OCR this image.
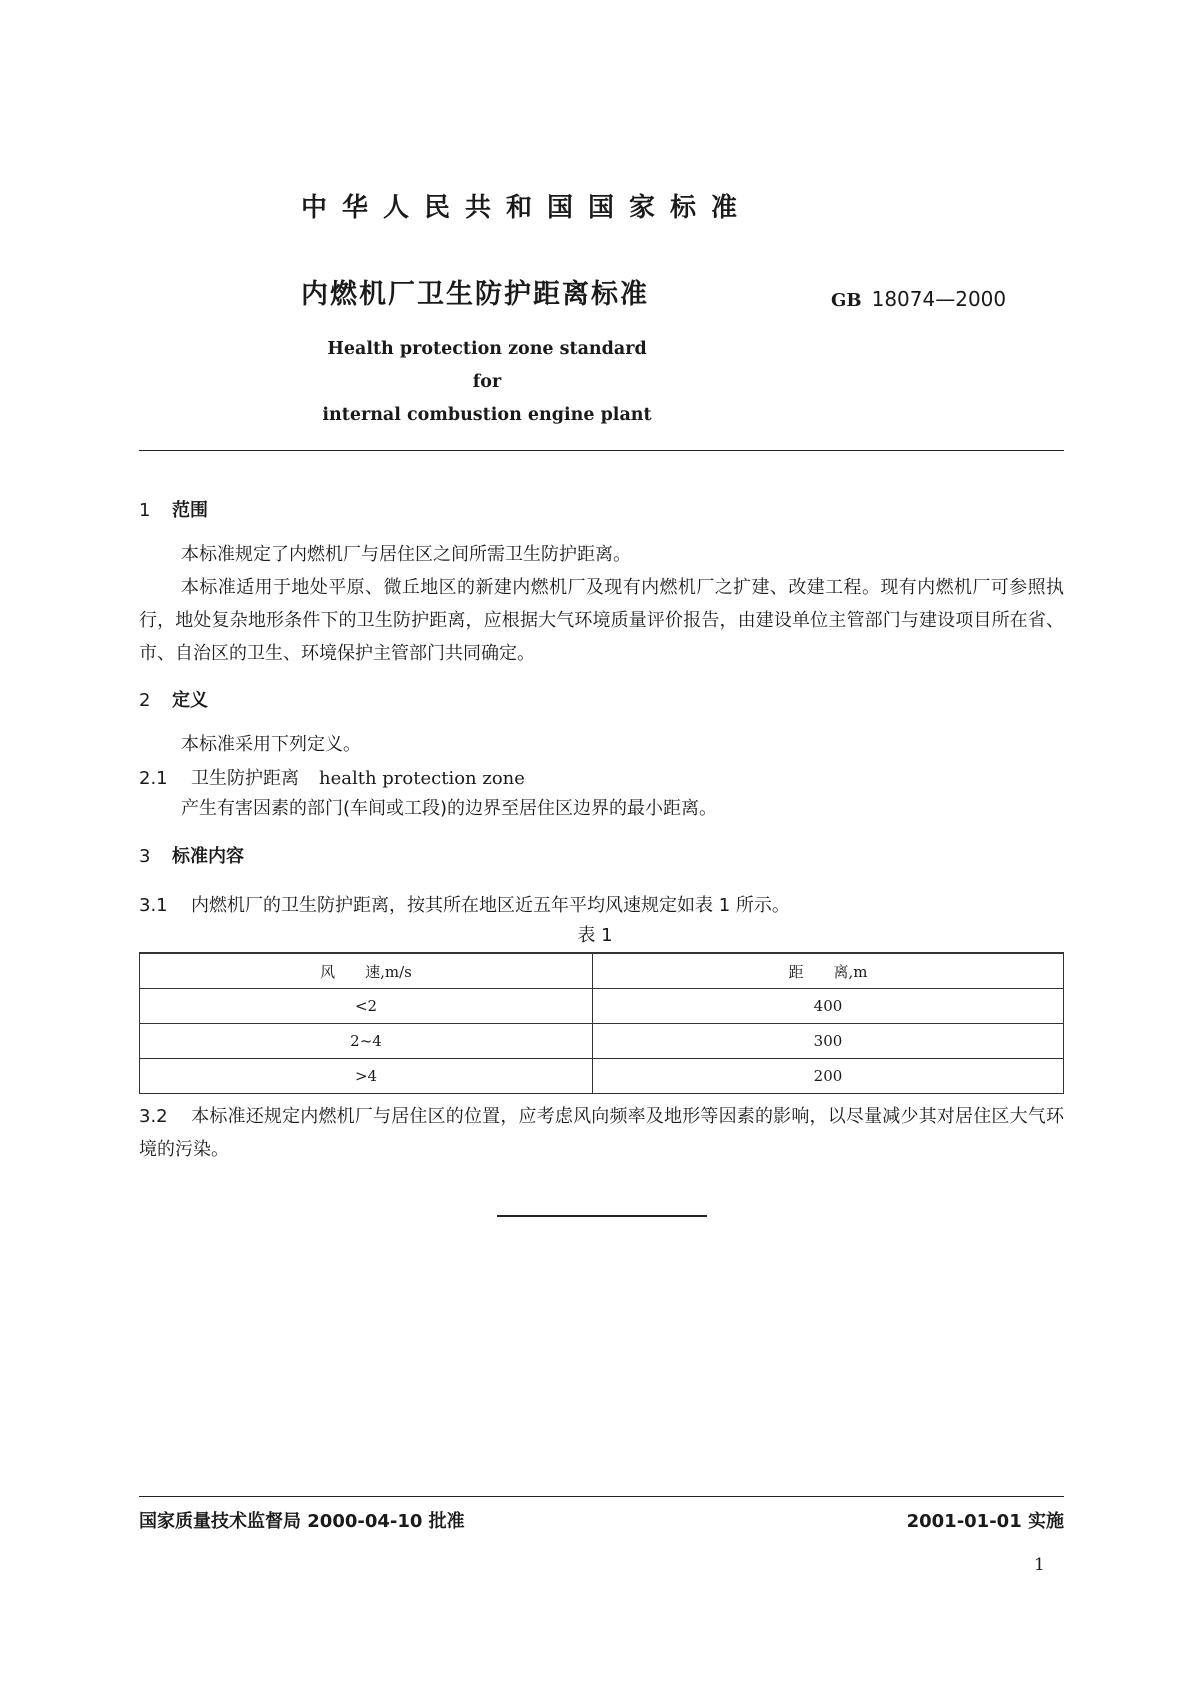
中华人民共和国国家标准
内燃机厂卫生防护距离标准	GB 18074—2000
Health protection zone standard for
internal combustion engine plant
1 范围

本标准规定了内燃机厂与居住区之间所需卫生防护距离。

本标准适用于地处平原、微丘地区的新建内燃机厂及现有内燃机厂之扩建、改建工程。现有内燃机厂可参照执行，地处复杂地形条件下的卫生防护距离，应根据大气环境质量评价报告，由建设单位主管部门与建设项目所在省、市、自治区的卫生、环境保护主管部门共同确定。

2 定义

本标准采用下列定义。

2.1 卫生防护距离 health protection zone

产生有害因素的部门(车间或工段)的边界至居住区边界的最小距离。

3 标准内容
3.1 内燃机厂的卫生防护距离，按其所在地区近五年平均风速规定如表 1 所示。
表 1
风　　速,m/s	距　　离,m
<2	400
2~4	300
>4	200

3.2 本标准还规定内燃机厂与居住区的位置，应考虑风向频率及地形等因素的影响，以尽量减少其对居住区大气环境的污染。

国家质量技术监督局 2000-04-10 批准	2001-01-01 实施
1
